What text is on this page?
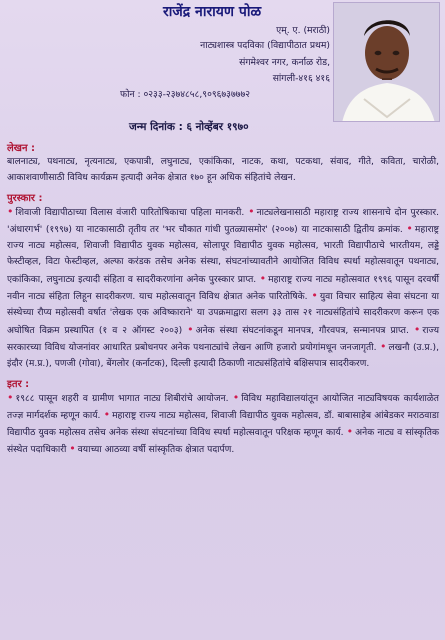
राजेंद्र नारायण पोळ
एम्. ए. (मराठी)
नाट्यशास्त्र पदविका (विद्यापीठात प्रथम)
संगमेश्वर नगर, कर्नाळ रोड,
सांगली-४१६ ४१६
फोन : ०२३३-२३७४८५८,९०९६७३७७७२
जन्म दिनांक : ६ नोव्हेंबर १९७०
लेखन :
बालनाट्य, पथनाट्य, नृत्यनाट्य, एकपात्री, लघुनाट्य, एकांकिका, नाटक, कथा, पटकथा, संवाद, गीते, कविता, चारोळी, आकाशवाणीसाठी विविध कार्यक्रम इत्यादी अनेक क्षेत्रात १७० हून अधिक संहितांचे लेखन.
पुरस्कार :
• शिवाजी विद्यापीठाच्या विलास वंजारी पारितोषिकाचा पहिला मानकरी. • नाट्यलेखनासाठी महाराष्ट्र राज्य शासनाचे दोन पुरस्कार. 'अंधारगर्भ' (१९९७) या नाटकासाठी तृतीय तर 'भर चौकात गांधी पुतळ्यासमोर' (२००७) या नाटकासाठी द्वितीय क्रमांक. • महाराष्ट्र राज्य नाट्य महोत्सव, शिवाजी विद्यापीठ युवक महोत्सव, सोलापूर विद्यापीठ युवक महोत्सव, भारती विद्यापीठाचे भारतीयम, लड्डे फेस्टीव्हल, विटा फेस्टीव्हल, अल्फा करंडक तसेच अनेक संस्था, संघटनांच्यावतीने आयोजित विविध स्पर्धा महोत्सवातून पथनाट्य, एकांकिका, लघुनाट्य इत्यादी संहिता व सादरीकरणांना अनेक पुरस्कार प्राप्त. • महाराष्ट्र राज्य नाट्य महोत्सवात १९९६ पासून दरवर्षी नवीन नाट्य संहिता लिहून सादरीकरण. याच महोत्सवातून विविध क्षेत्रात अनेक पारितोषिके. • युवा विचार साहित्य सेवा संघटना या संस्थेच्या रौप्य महोत्सवी वर्षात 'लेखक एक अविष्काराने' या उपक्रमाद्वारा सलग ३३ तास २१ नाट्यसंहितांचे सादरीकरण करून एक अघोषित विक्रम प्रस्थापित (१ व २ ऑगस्ट २००३) • अनेक संस्था संघटनांकडून मानपत्र, गौरवपत्र, सन्मानपत्र प्राप्त. • राज्य सरकारच्या विविध योजनांवर आधारित प्रबोधनपर अनेक पथनाट्यांचे लेखन आणि हजारो प्रयोगांमधून जनजागृती. • लखनौ (उ.प्र.), इंदौर (म.प्र.), पणजी (गोवा), बेंगलोर (कर्नाटक), दिल्ली इत्यादी ठिकाणी नाट्यसंहितांचे बक्षिसपात्र सादरीकरण.
इतर :
• १९८८ पासून शहरी व ग्रामीण भागात नाट्य शिबीरांचे आयोजन. • विविध महाविद्यालयांतून आयोजित नाट्यविषयक कार्यशाळेत तज्ज्ञ मार्गदर्शक म्हणून कार्य. • महाराष्ट्र राज्य नाट्य महोत्सव, शिवाजी विद्यापीठ युवक महोत्सव, डॉ. बाबासाहेब आंबेडकर मराठवाडा विद्यापीठ युवक महोत्सव तसेच अनेक संस्था संघटनांच्या विविध स्पर्धा महोत्सवातून परिक्षक म्हणून कार्य. • अनेक नाट्य व सांस्कृतिक संस्थेत पदाधिकारी • वयाच्या आठव्या वर्षी सांस्कृतिक क्षेत्रात पदार्पण.
